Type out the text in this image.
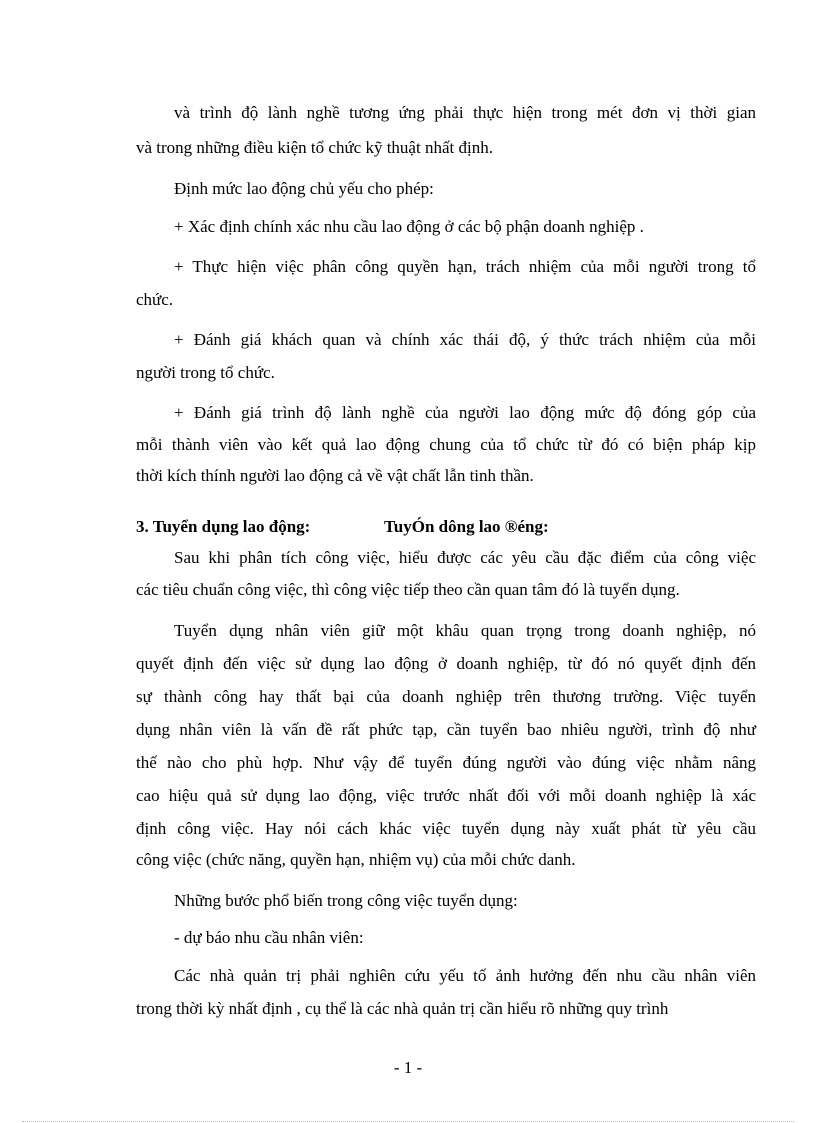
và trình độ lành nghề tương ứng phải thực hiện trong mét đơn vị thời gian
và trong những điều kiện tổ chức kỹ thuật nhất định.
Định mức lao động chủ yếu cho phép:
+ Xác định chính xác nhu cầu lao động ở các bộ phận doanh nghiệp .
+ Thực hiện việc phân công quyền hạn, trách nhiệm của mỗi người trong tổ
chức.
+ Đánh giá khách quan và chính xác thái độ, ý thức trách nhiệm của mỗi
người trong tổ chức.
+ Đánh giá trình độ lành nghề của người lao động mức độ đóng góp của
mỗi thành viên vào kết quả lao động chung của tổ chức từ đó có biện pháp kịp
thời kích thính người lao động cả về vật chất lẫn tinh thần.
3. Tuyển dụng lao động:	TuyÓn dông lao ®éng:
Sau khi phân tích công việc, hiểu được các yêu cầu đặc điểm của công việc
các tiêu chuẩn công việc, thì công việc tiếp theo cần quan tâm đó là tuyển dụng.
Tuyển dụng nhân viên giữ một khâu quan trọng trong doanh nghiệp, nó
quyết định đến việc sử dụng lao động ở doanh nghiệp, từ đó nó quyết định đến
sự thành công hay thất bại của doanh nghiệp trên thương trường. Việc tuyển
dụng nhân viên là vấn đề rất phức tạp, cần tuyển bao nhiêu người, trình độ như
thế nào cho phù hợp. Như vậy để tuyển đúng người vào đúng việc nhằm nâng
cao hiệu quả sử dụng lao động, việc trước nhất đối với mỗi doanh nghiệp là xác
định công việc. Hay nói cách khác việc tuyển dụng này xuất phát từ yêu cầu
công việc (chức năng, quyền hạn, nhiệm vụ) của mỗi chức danh.
Những bước phổ biến trong công việc tuyển dụng:
- dự báo nhu cầu nhân viên:
Các nhà quản trị phải nghiên cứu yếu tố ảnh hưởng đến nhu cầu nhân viên
trong thời kỳ nhất định , cụ thể là các nhà quản trị cần hiểu rõ những quy trình
- 1 -
